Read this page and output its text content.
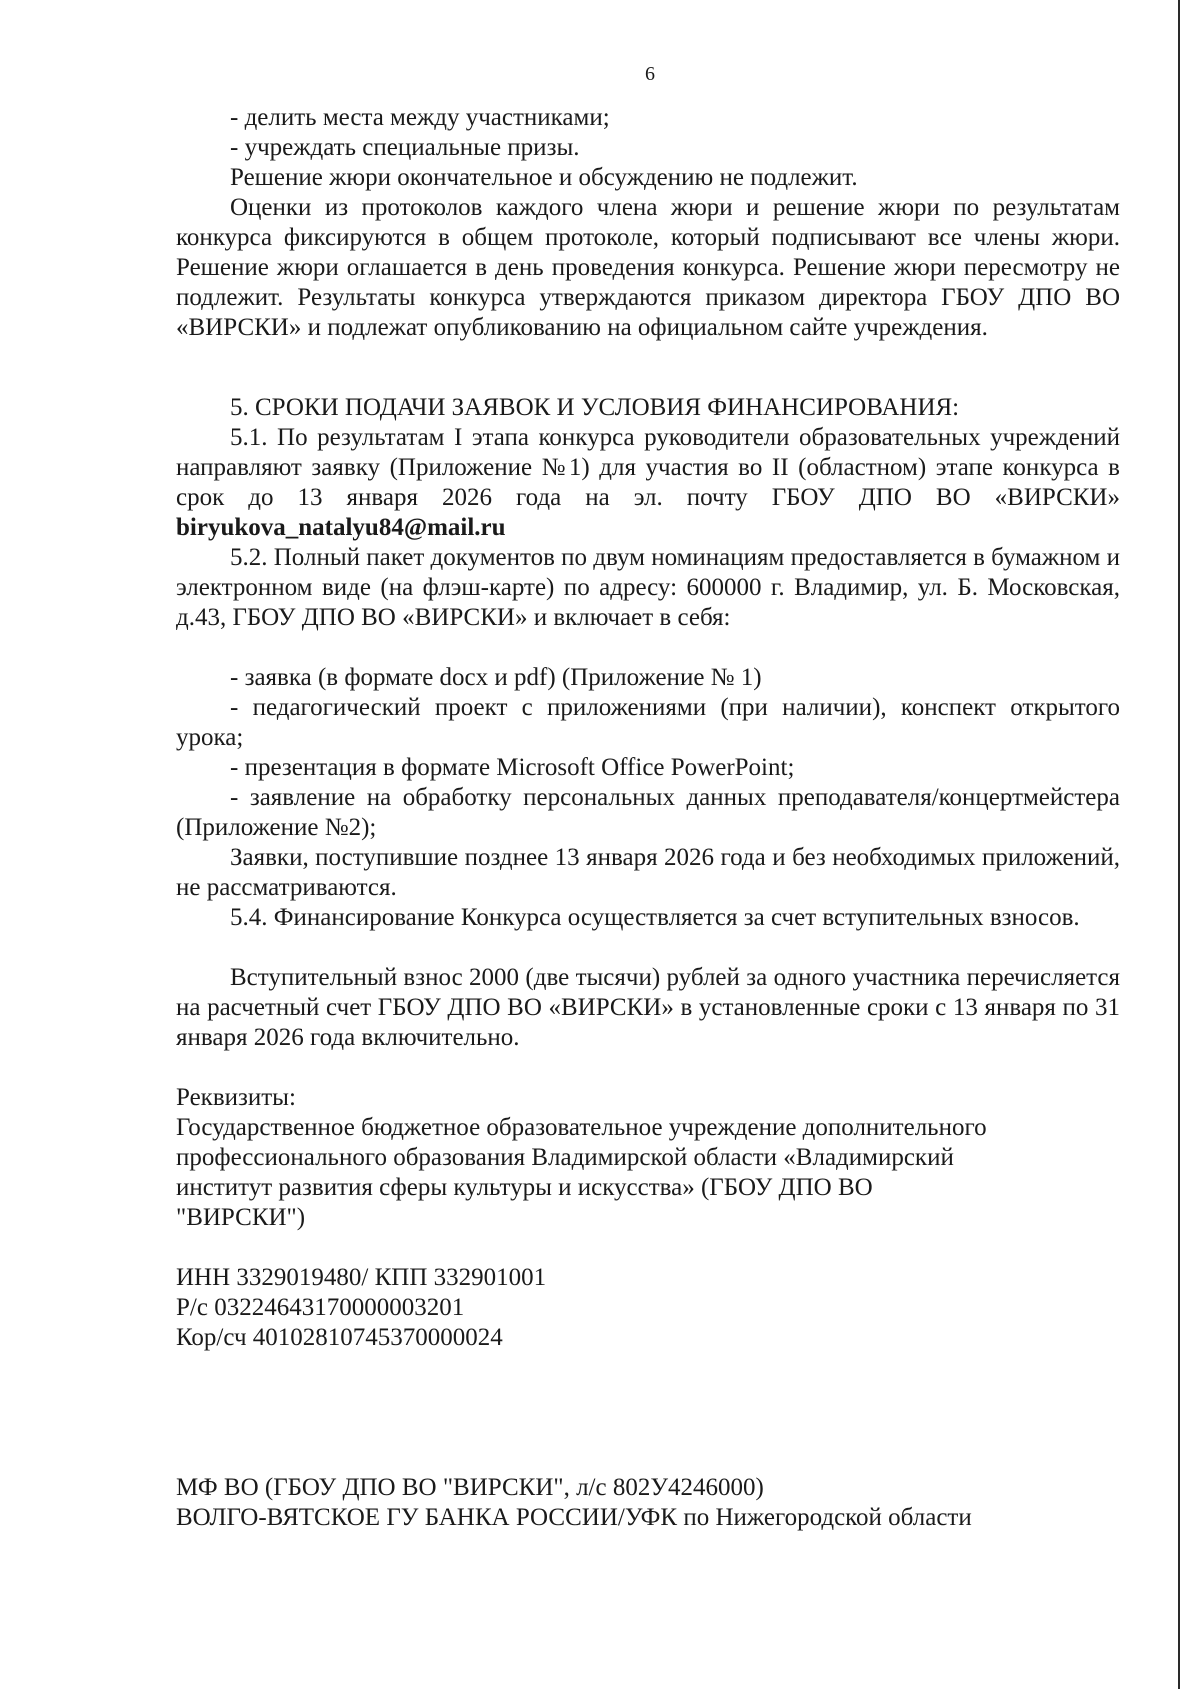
6
- делить места между участниками;
- учреждать специальные призы.
Решение жюри окончательное и обсуждению не подлежит.
Оценки из протоколов каждого члена жюри и решение жюри по результатам конкурса фиксируются в общем протоколе, который подписывают все члены жюри. Решение жюри оглашается в день проведения конкурса. Решение жюри пересмотру не подлежит. Результаты конкурса утверждаются приказом директора ГБОУ ДПО ВО «ВИРСКИ» и подлежат опубликованию на официальном сайте учреждения.
5. СРОКИ ПОДАЧИ ЗАЯВОК И УСЛОВИЯ ФИНАНСИРОВАНИЯ:
5.1. По результатам I этапа конкурса руководители образовательных учреждений направляют заявку (Приложение №1) для участия во II (областном) этапе конкурса в срок до 13 января 2026 года на эл. почту ГБОУ ДПО ВО «ВИРСКИ» biryukova_natalyu84@mail.ru
5.2. Полный пакет документов по двум номинациям предоставляется в бумажном и электронном виде (на флэш-карте) по адресу: 600000 г. Владимир, ул. Б. Московская, д.43, ГБОУ ДПО ВО «ВИРСКИ» и включает в себя:
- заявка (в формате docx и pdf) (Приложение № 1)
- педагогический проект с приложениями (при наличии), конспект открытого урока;
- презентация в формате Microsoft Office PowerPoint;
- заявление на обработку персональных данных преподавателя/концертмейстера (Приложение №2);
Заявки, поступившие позднее 13 января 2026 года и без необходимых приложений, не рассматриваются.
5.4. Финансирование Конкурса осуществляется за счет вступительных взносов.
Вступительный взнос 2000 (две тысячи) рублей за одного участника перечисляется на расчетный счет ГБОУ ДПО ВО «ВИРСКИ» в установленные сроки с 13 января по 31 января 2026 года включительно.
Реквизиты:
Государственное бюджетное образовательное учреждение дополнительного
профессионального образования Владимирской области «Владимирский
институт развития сферы культуры и искусства» (ГБОУ ДПО ВО
"ВИРСКИ")
ИНН 3329019480/ КПП 332901001
Р/с 03224643170000003201
Кор/сч 40102810745370000024
МФ ВО (ГБОУ ДПО ВО "ВИРСКИ", л/с 802У4246000)
ВОЛГО-ВЯТСКОЕ ГУ БАНКА РОССИИ/УФК по Нижегородской области
